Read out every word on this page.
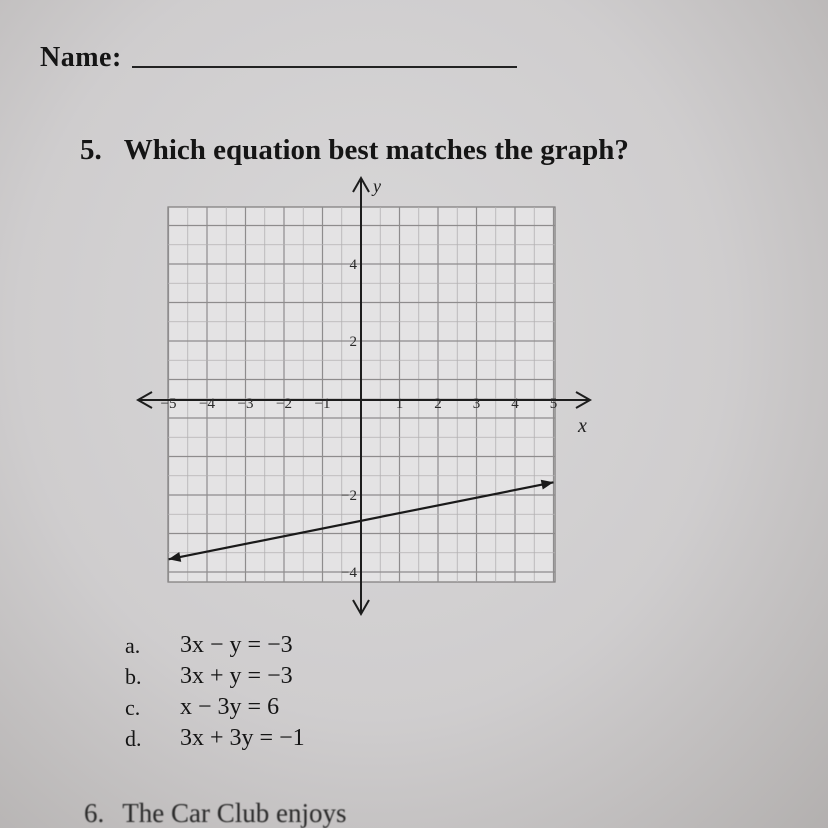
Name:
5. Which equation best matches the graph?
x
y
−5 −4 −3 −2 −1	1 2 3 4 5
4
2
−2
−4
a.	3x − y = −3
b.	3x + y = −3
c.	x − 3y = 6
d.	3x + 3y = −1
6. The Car Club enjoys
